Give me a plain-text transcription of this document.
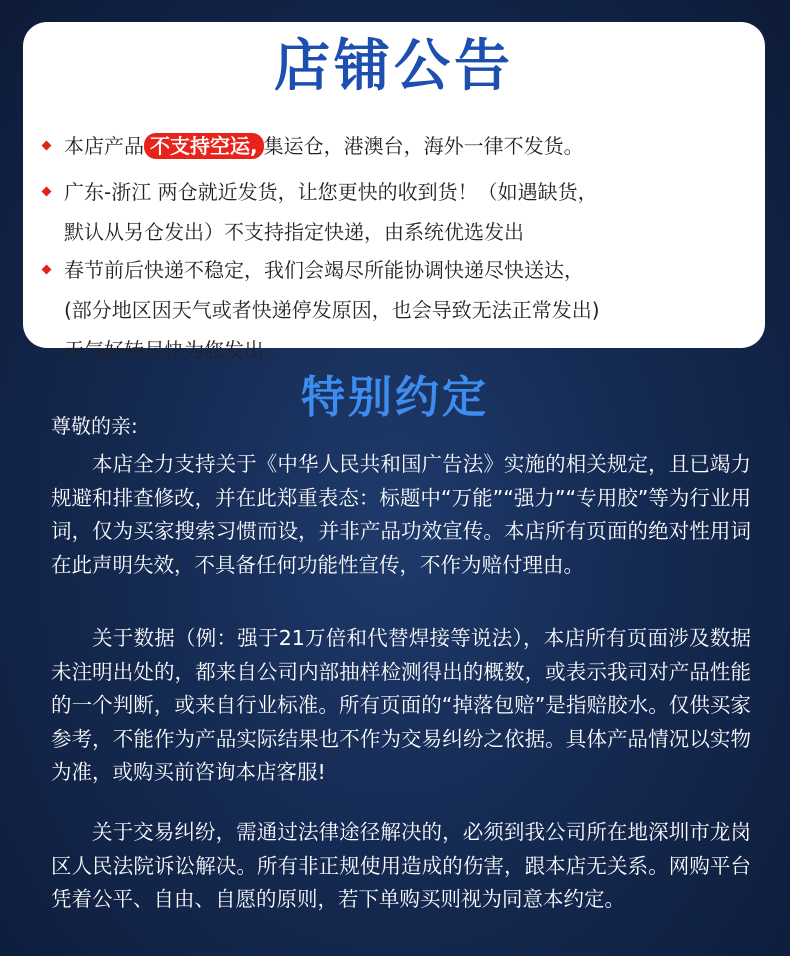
店铺公告
本店产品 不支持空运, 集运仓，港澳台，海外一律不发货。
广东-浙江 两仓就近发货，让您更快的收到货！（如遇缺货，
默认从另仓发出）不支持指定快递，由系统优选发出
春节前后快递不稳定，我们会竭尽所能协调快递尽快送达，
(部分地区因天气或者快递停发原因，也会导致无法正常发出)
天气好转尽快为您发出
特别约定
尊敬的亲:
本店全力支持关于《中华人民共和国广告法》实施的相关规定，且已竭力规避和排查修改，并在此郑重表态：标题中“万能”“强力”“专用胶”等为行业用词，仅为买家搜索习惯而设，并非产品功效宣传。本店所有页面的绝对性用词在此声明失效，不具备任何功能性宣传，不作为赔付理由。
关于数据（例：强于21万倍和代替焊接等说法），本店所有页面涉及数据未注明出处的，都来自公司内部抽样检测得出的概数，或表示我司对产品性能的一个判断，或来自行业标准。所有页面的“掉落包赔”是指赔胶水。仅供买家参考，不能作为产品实际结果也不作为交易纠纷之依据。具体产品情况以实物为准，或购买前咨询本店客服!
关于交易纠纷，需通过法律途径解决的，必须到我公司所在地深圳市龙岗区人民法院诉讼解决。所有非正规使用造成的伤害，跟本店无关系。网购平台凭着公平、自由、自愿的原则，若下单购买则视为同意本约定。
